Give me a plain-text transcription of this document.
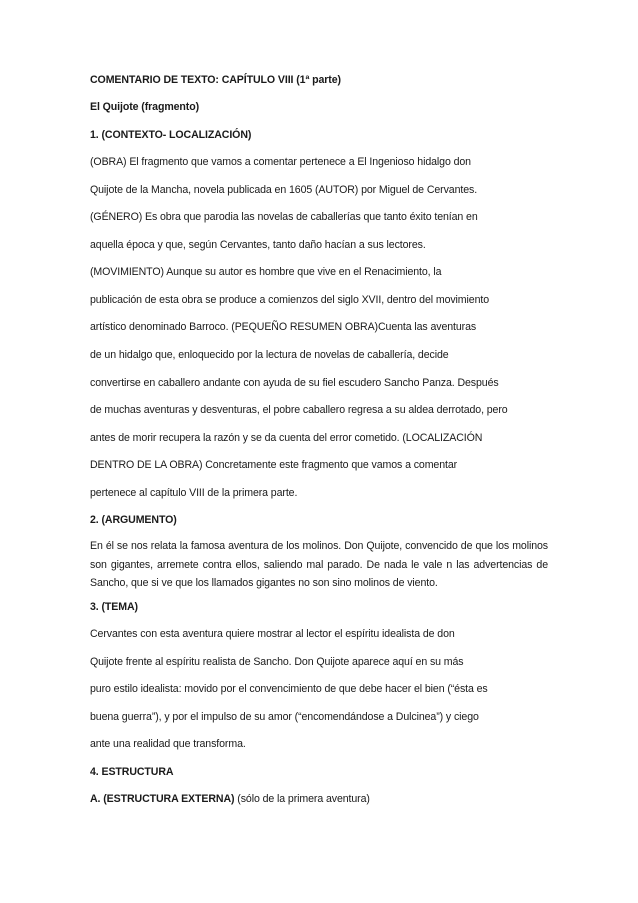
COMENTARIO DE TEXTO: CAPÍTULO VIII (1ª parte)
El Quijote (fragmento)
1. (CONTEXTO- LOCALIZACIÓN)
(OBRA) El fragmento que vamos a comentar pertenece a El Ingenioso hidalgo don
Quijote de la Mancha, novela publicada en 1605 (AUTOR) por Miguel de Cervantes.
(GÉNERO) Es obra que parodia las novelas de caballerías que tanto éxito tenían en
aquella época y que, según Cervantes, tanto daño hacían a sus lectores.
(MOVIMIENTO) Aunque su autor es hombre que vive en el Renacimiento, la
publicación de esta obra se produce a comienzos del siglo XVII, dentro del movimiento
artístico denominado Barroco. (PEQUEÑO RESUMEN OBRA)Cuenta las aventuras
de un hidalgo que, enloquecido por la lectura de novelas de caballería, decide
convertirse en caballero andante con ayuda de su fiel escudero Sancho Panza. Después
de muchas aventuras y desventuras, el pobre caballero regresa a su aldea derrotado, pero
antes de morir recupera la razón y se da cuenta del error cometido. (LOCALIZACIÓN
DENTRO DE LA OBRA) Concretamente este fragmento que vamos a comentar
pertenece al capítulo VIII de la primera parte.
2. (ARGUMENTO)
En él se nos relata la famosa aventura de los molinos. Don Quijote, convencido de que los molinos son gigantes, arremete contra ellos, saliendo mal parado. De nada le vale n las advertencias de Sancho, que si ve que los llamados gigantes no son sino molinos de viento.
3. (TEMA)
Cervantes con esta aventura quiere mostrar al lector el espíritu idealista de don
Quijote frente al espíritu realista de Sancho. Don Quijote aparece aquí en su más
puro estilo idealista: movido por el convencimiento de que debe hacer el bien (“ésta es
buena guerra”), y por el impulso de su amor (“encomendándose a Dulcinea”) y ciego
ante una realidad que transforma.
4. ESTRUCTURA
A. (ESTRUCTURA EXTERNA) (sólo de la primera aventura)
